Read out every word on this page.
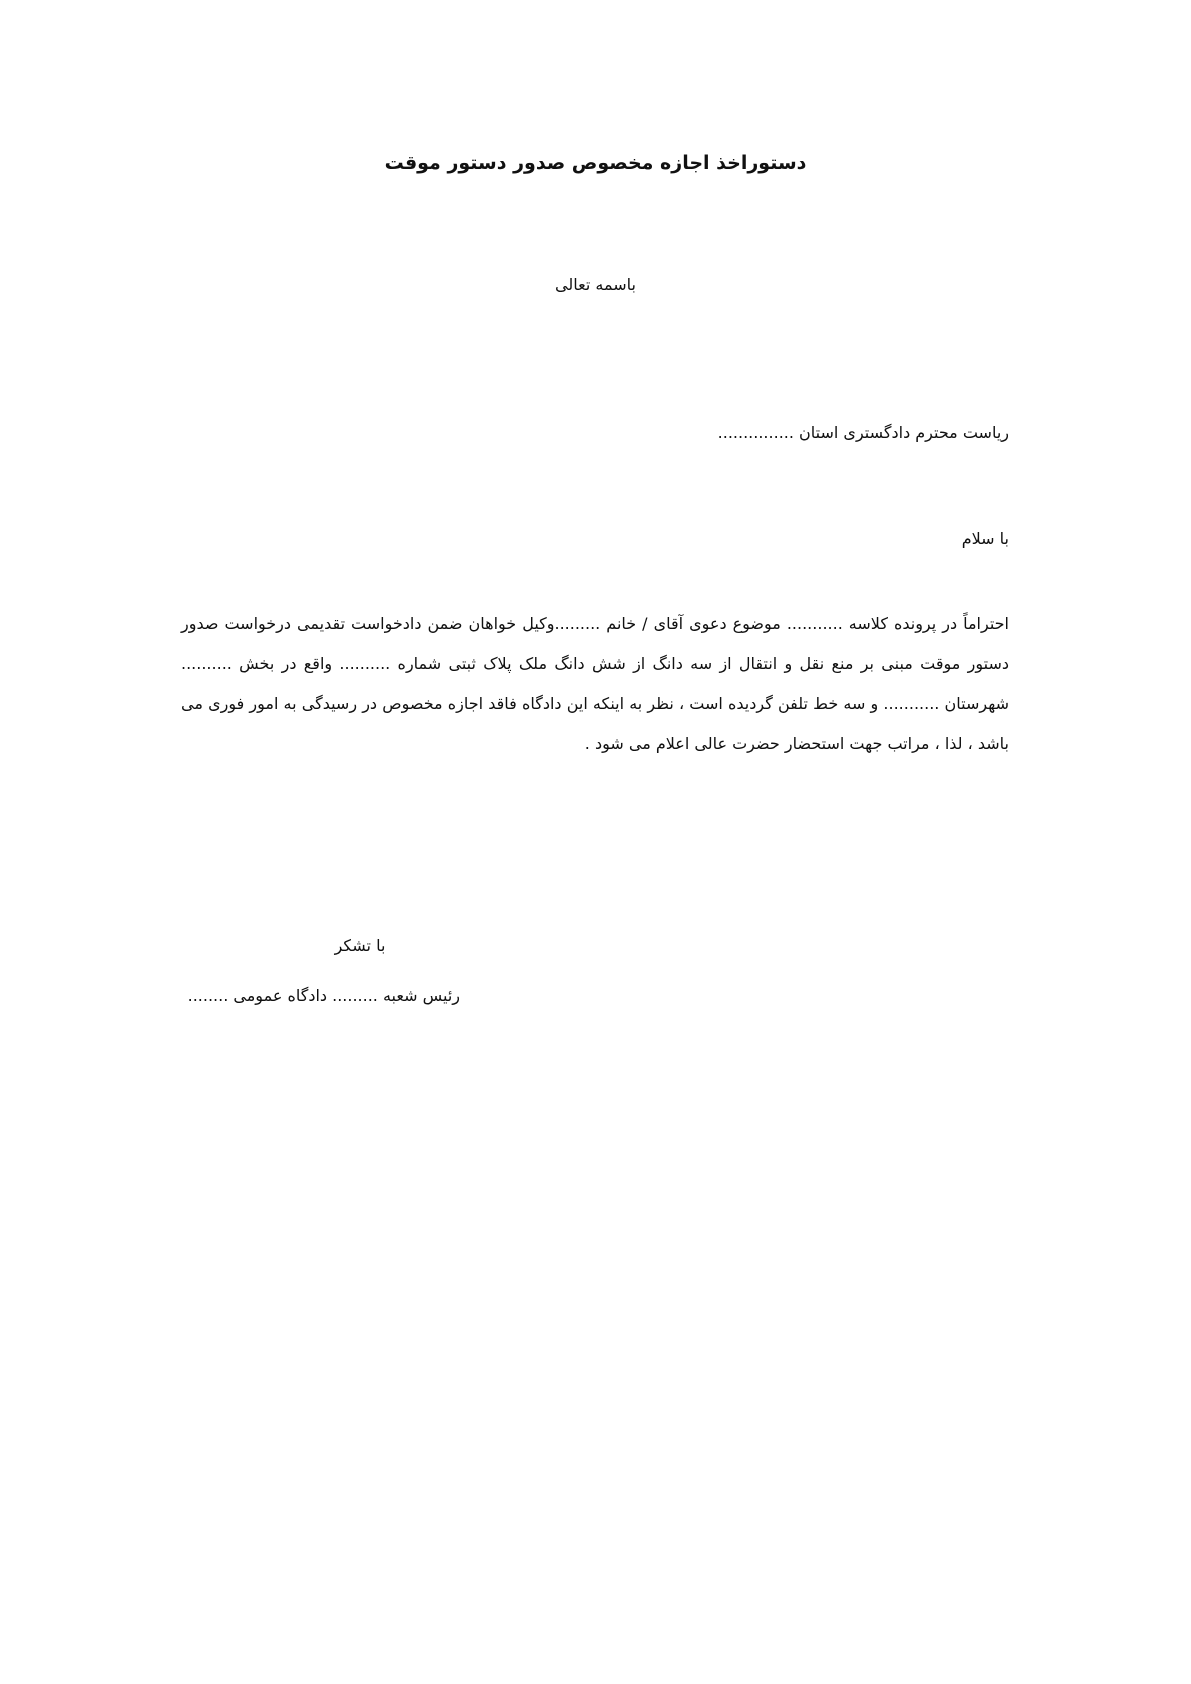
دستوراخذ اجازه مخصوص صدور دستور موقت
باسمه تعالی
ریاست محترم دادگستری استان ...............
با سلام
احتراماً در پرونده کلاسه ........... موضوع دعوی آقای / خانم .........وکیل خواهان ضمن دادخواست تقدیمی درخواست صدور دستور موقت مبنی بر منع نقل و انتقال از سه دانگ از شش دانگ ملک پلاک ثبتی شماره .......... واقع در بخش .......... شهرستان ........... و سه خط تلفن گردیده است ، نظر به اینکه این دادگاه فاقد اجازه مخصوص در رسیدگی به امور فوری می باشد ، لذا ، مراتب جهت استحضار حضرت عالی اعلام می شود .
با تشکر
رئیس شعبه ......... دادگاه عمومی ........
